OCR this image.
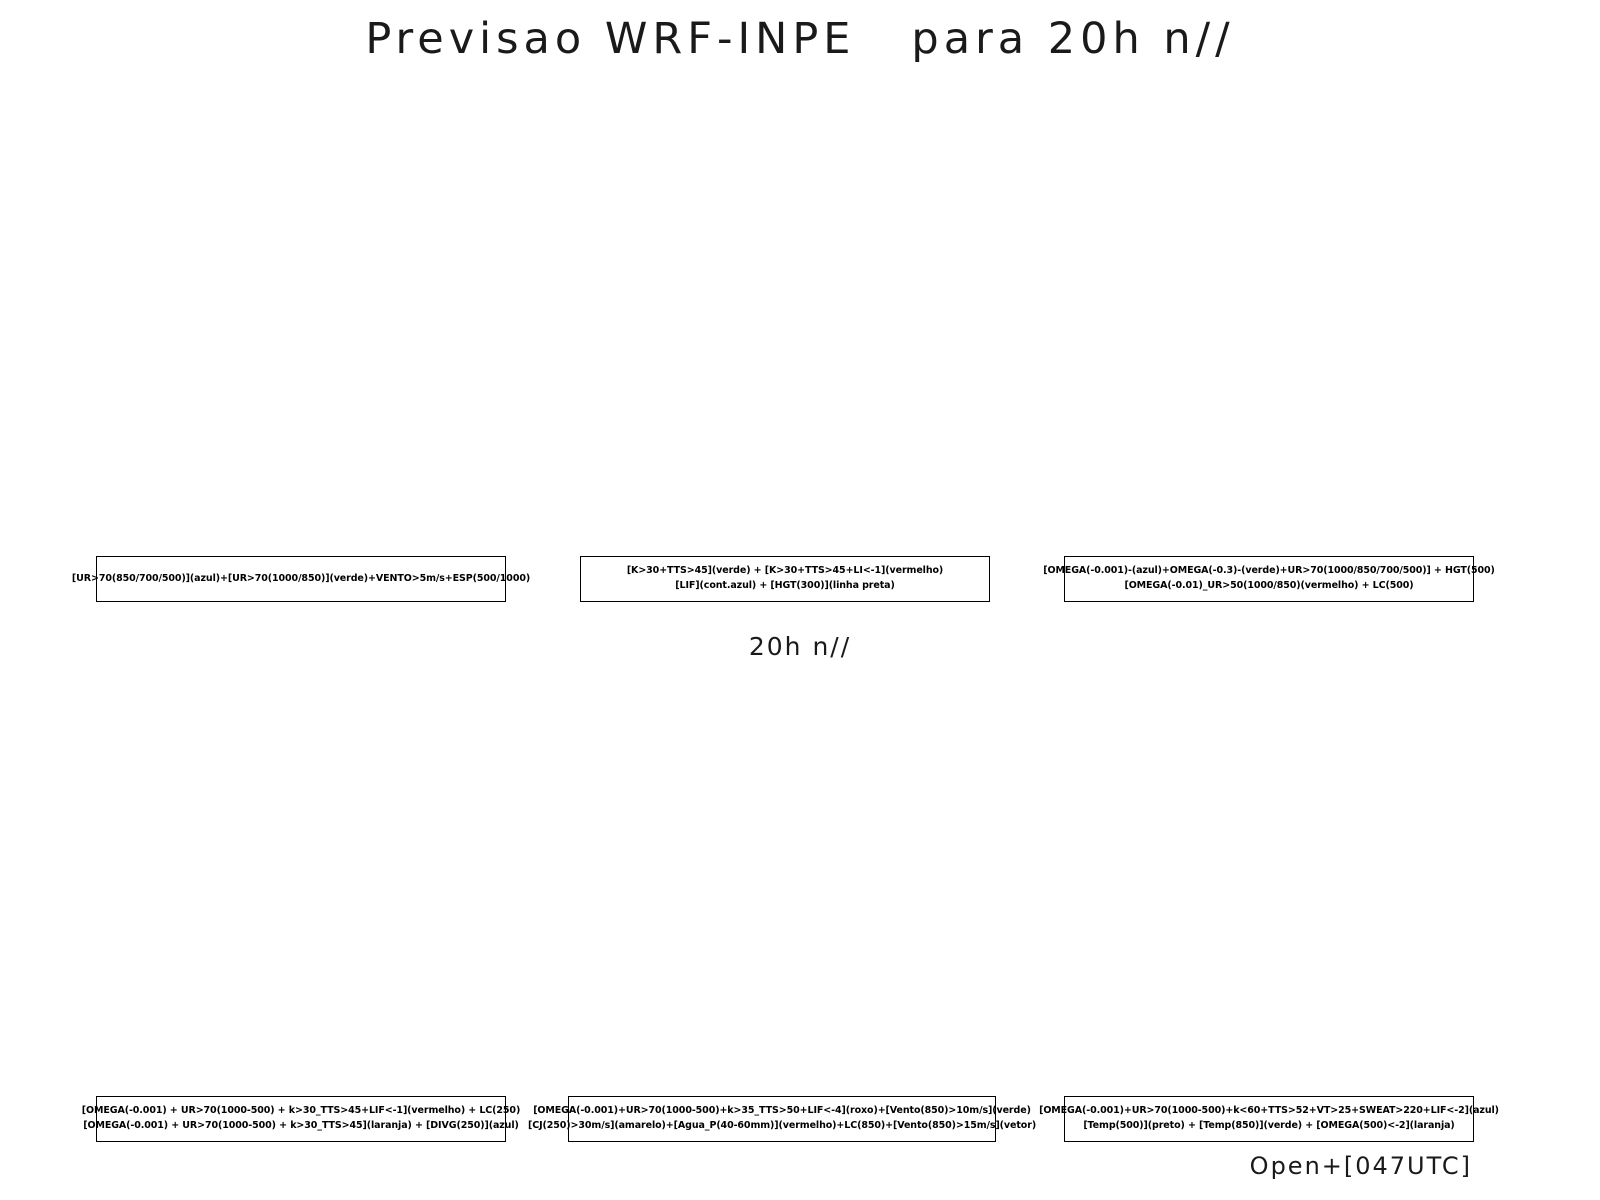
Previsao WRF-INPE   para 20h n//
[UR>70(850/700/500)](azul)+[UR>70(1000/850)](verde)+VENTO>5m/s+ESP(500/1000)
[K>30+TTS>45](verde) + [K>30+TTS>45+LI<-1](vermelho)
[LIF](cont.azul) + [HGT(300)](linha preta)
[OMEGA(-0.001)-(azul)+OMEGA(-0.3)-(verde)+UR>70(1000/850/700/500)] + HGT(500)
[OMEGA(-0.01)_UR>50(1000/850)(vermelho) + LC(500)
20h n//
[OMEGA(-0.001) + UR>70(1000-500) + k>30_TTS>45+LIF<-1](vermelho) + LC(250)
[OMEGA(-0.001) + UR>70(1000-500) + k>30_TTS>45](laranja) + [DIVG(250)](azul)
[OMEGA(-0.001)+UR>70(1000-500)+k>35_TTS>50+LIF<-4](roxo)+[Vento(850)>10m/s](verde)
[CJ(250)>30m/s](amarelo)+[Agua_P(40-60mm)](vermelho)+LC(850)+[Vento(850)>15m/s](vetor)
[OMEGA(-0.001)+UR>70(1000-500)+k<60+TTS>52+VT>25+SWEAT>220+LIF<-2](azul)
[Temp(500)](preto) + [Temp(850)](verde) + [OMEGA(500)<-2](laranja)
Open+[047UTC]
